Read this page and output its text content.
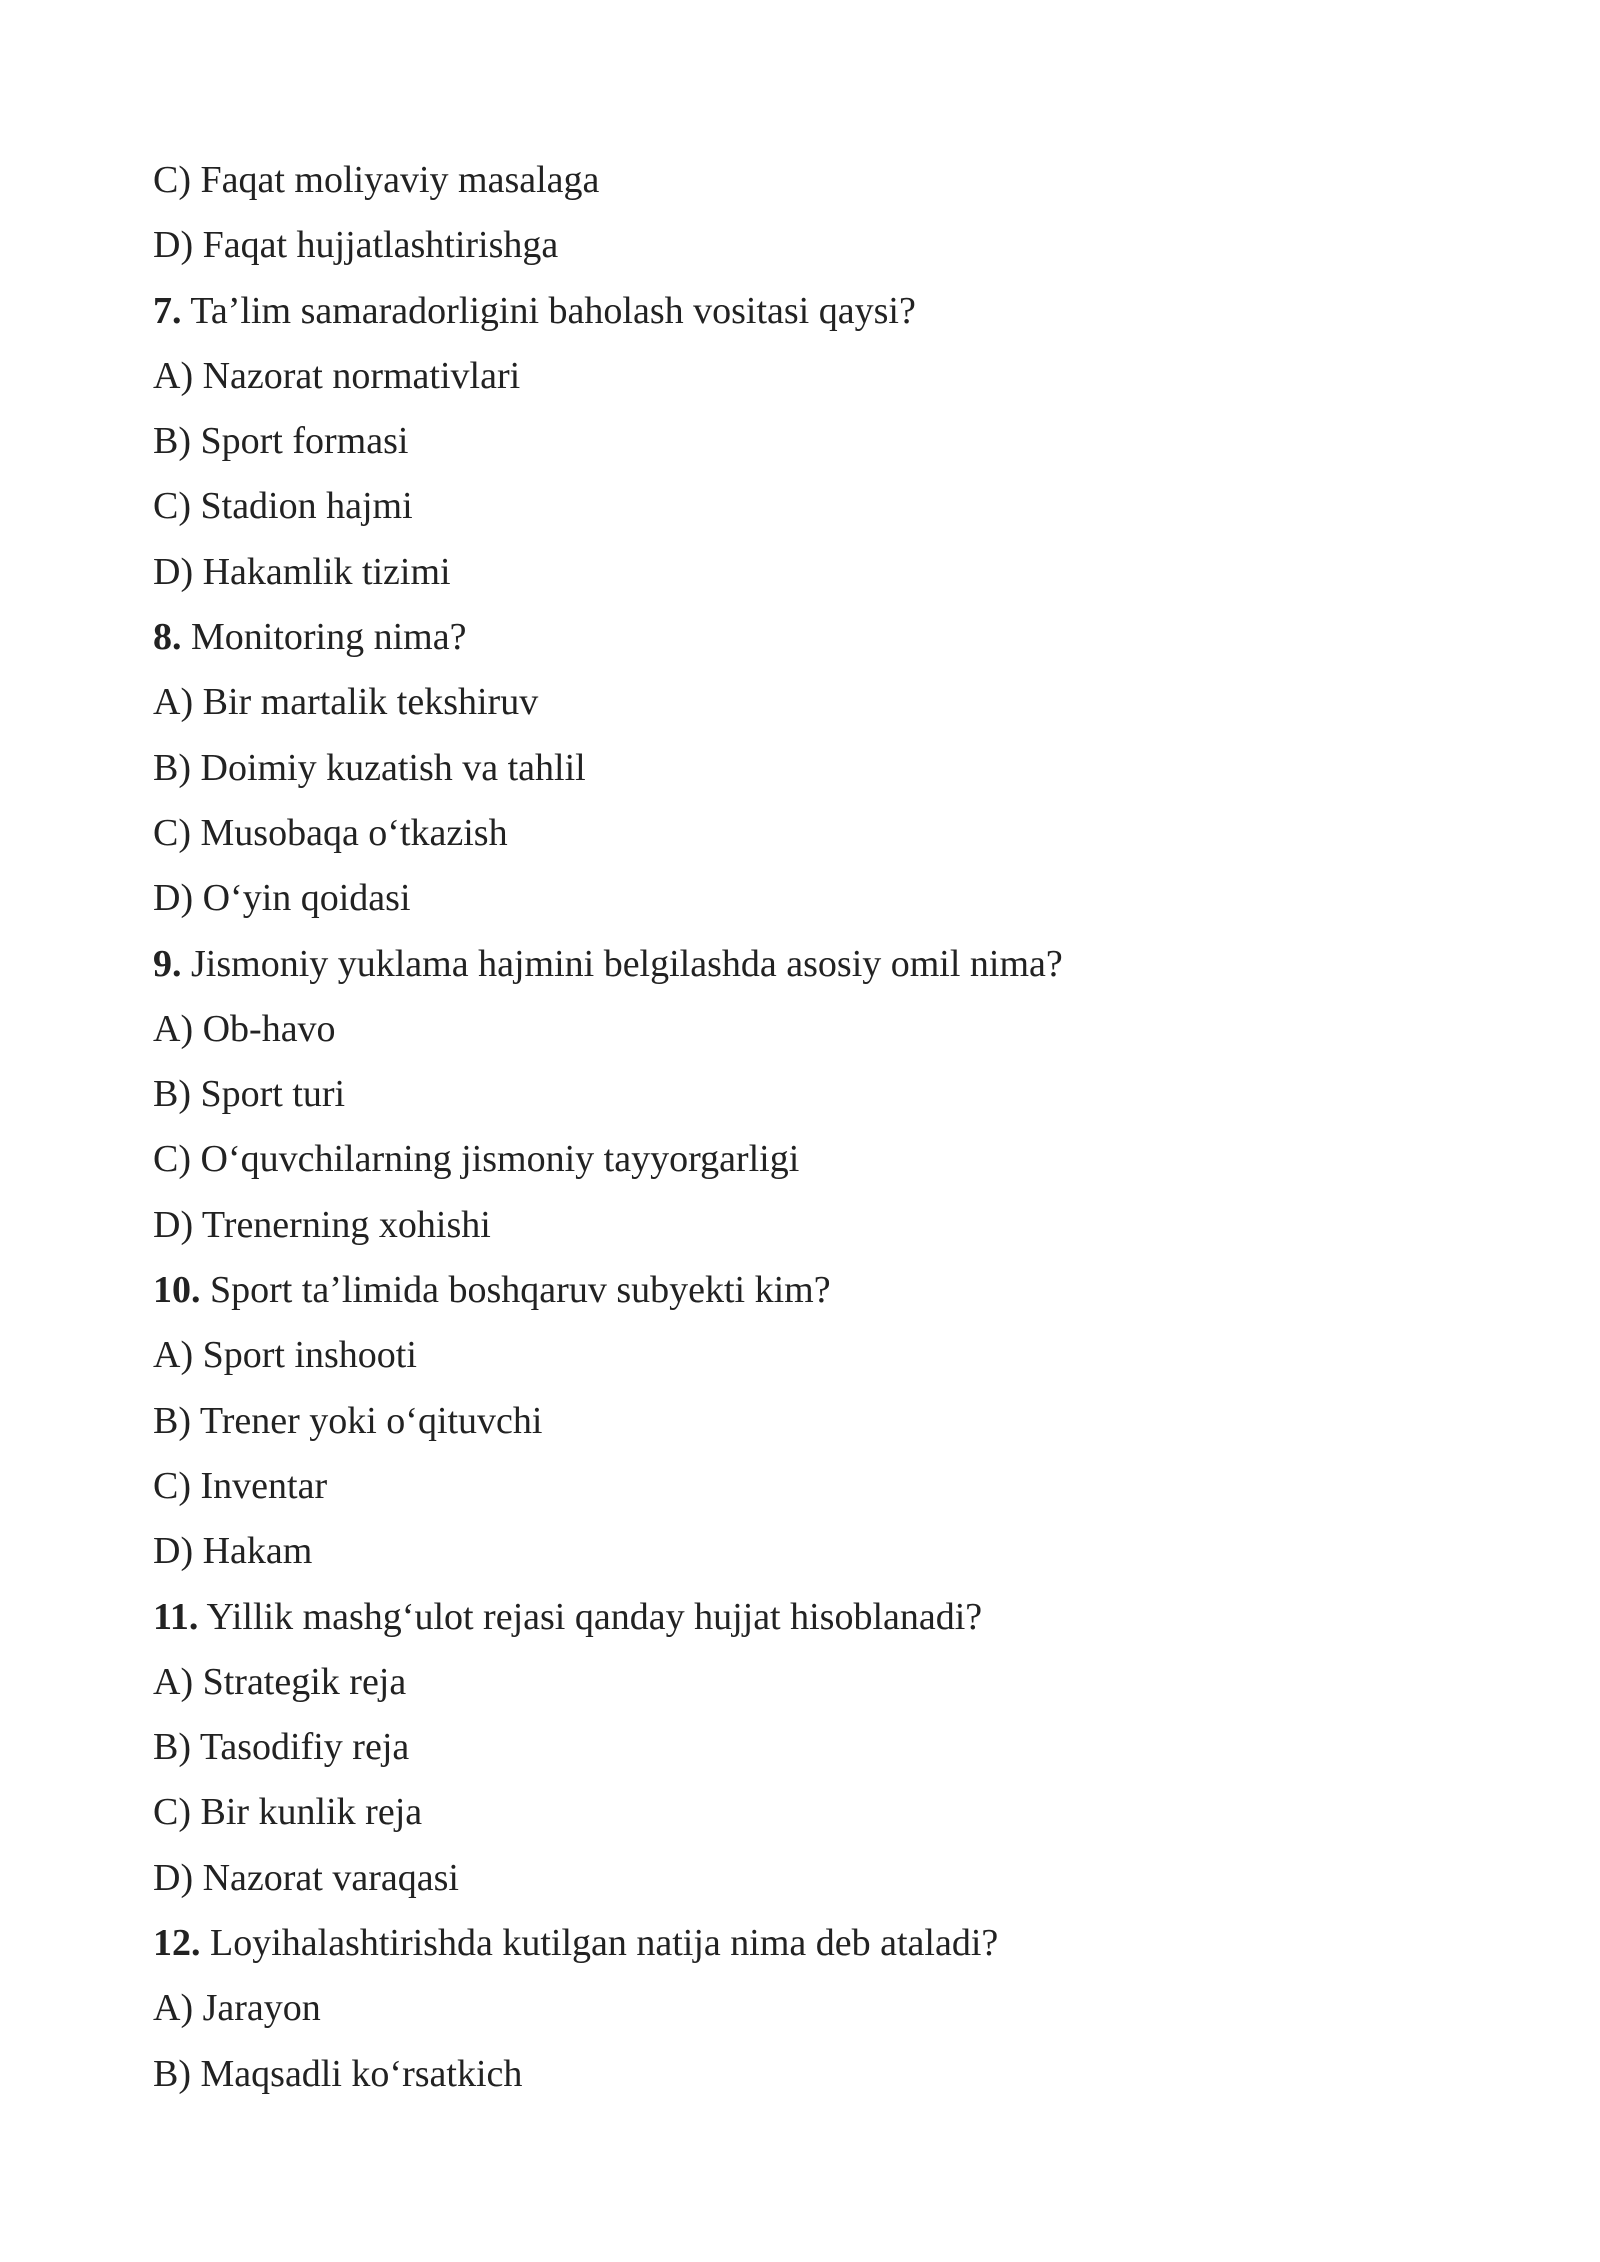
C) Faqat moliyaviy masalaga
D) Faqat hujjatlashtirishga
7. Ta’lim samaradorligini baholash vositasi qaysi?
A) Nazorat normativlari
B) Sport formasi
C) Stadion hajmi
D) Hakamlik tizimi
8. Monitoring nima?
A) Bir martalik tekshiruv
B) Doimiy kuzatish va tahlil
C) Musobaqa o‘tkazish
D) O‘yin qoidasi
9. Jismoniy yuklama hajmini belgilashda asosiy omil nima?
A) Ob-havo
B) Sport turi
C) O‘quvchilarning jismoniy tayyorgarligi
D) Trenerning xohishi
10. Sport ta’limida boshqaruv subyekti kim?
A) Sport inshooti
B) Trener yoki o‘qituvchi
C) Inventar
D) Hakam
11. Yillik mashg‘ulot rejasi qanday hujjat hisoblanadi?
A) Strategik reja
B) Tasodifiy reja
C) Bir kunlik reja
D) Nazorat varaqasi
12. Loyihalashtirishda kutilgan natija nima deb ataladi?
A) Jarayon
B) Maqsadli ko‘rsatkich
